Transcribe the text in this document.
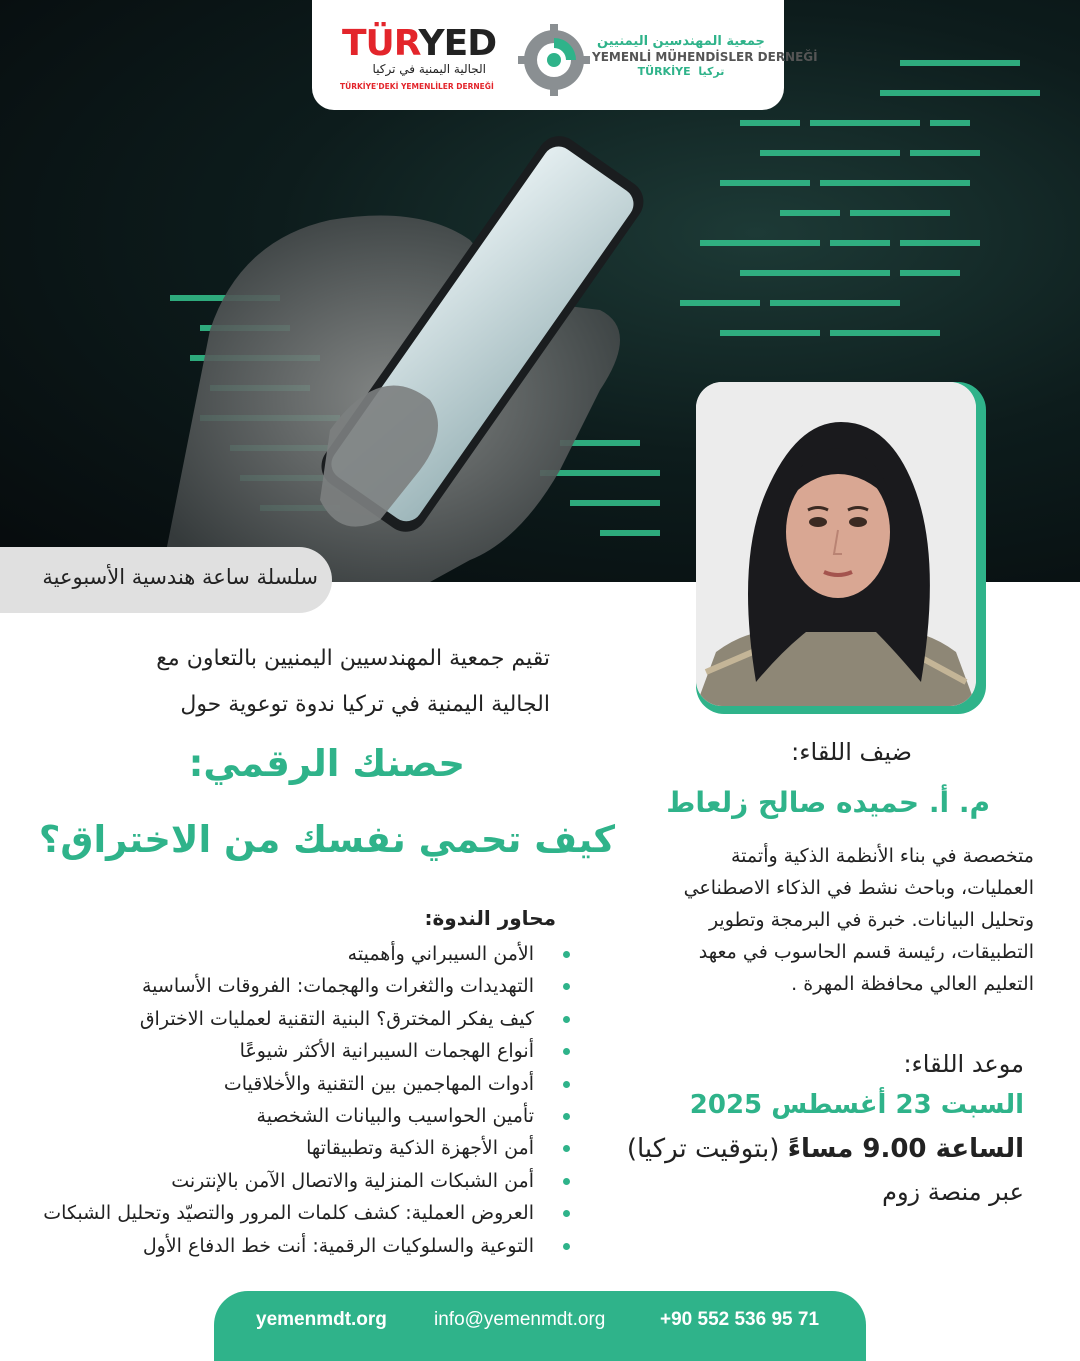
TÜRYED
الجالية اليمنية في تركيا
TÜRKİYE'DEKİ YEMENLİLER DERNEĞİ
جمعية المهندسين اليمنيين
YEMENLİ MÜHENDİSLER DERNEĞİ
TÜRKİYE تركيا
سلسلة ساعة هندسية الأسبوعية
تقيم جمعية المهندسيين اليمنيين بالتعاون مع
الجالية اليمنية في تركيا ندوة توعوية حول
حصنك الرقمي:
كيف تحمي نفسك من الاختراق؟
محاور الندوة:
الأمن السيبراني وأهميته
التهديدات والثغرات والهجمات: الفروقات الأساسية
كيف يفكر المخترق؟ البنية التقنية لعمليات الاختراق
أنواع الهجمات السيبرانية الأكثر شيوعًا
أدوات المهاجمين بين التقنية والأخلاقيات
تأمين الحواسيب والبيانات الشخصية
أمن الأجهزة الذكية وتطبيقاتها
أمن الشبكات المنزلية والاتصال الآمن بالإنترنت
العروض العملية: كشف كلمات المرور والتصيّد وتحليل الشبكات
التوعية والسلوكيات الرقمية: أنت خط الدفاع الأول
ضيف اللقاء:
م. أ. حميده صالح زلعاط
متخصصة في بناء الأنظمة الذكية وأتمتة
العمليات، وباحث نشط في الذكاء الاصطناعي
وتحليل البيانات. خبرة في البرمجة وتطوير
التطبيقات، رئيسة قسم الحاسوب في معهد
التعليم العالي محافظة المهرة .
موعد اللقاء:
السبت 23 أغسطس 2025
الساعة 9.00 مساءً (بتوقيت تركيا)
عبر منصة زوم
yemenmdt.org info@yemenmdt.org	+90 552 536 95 71
